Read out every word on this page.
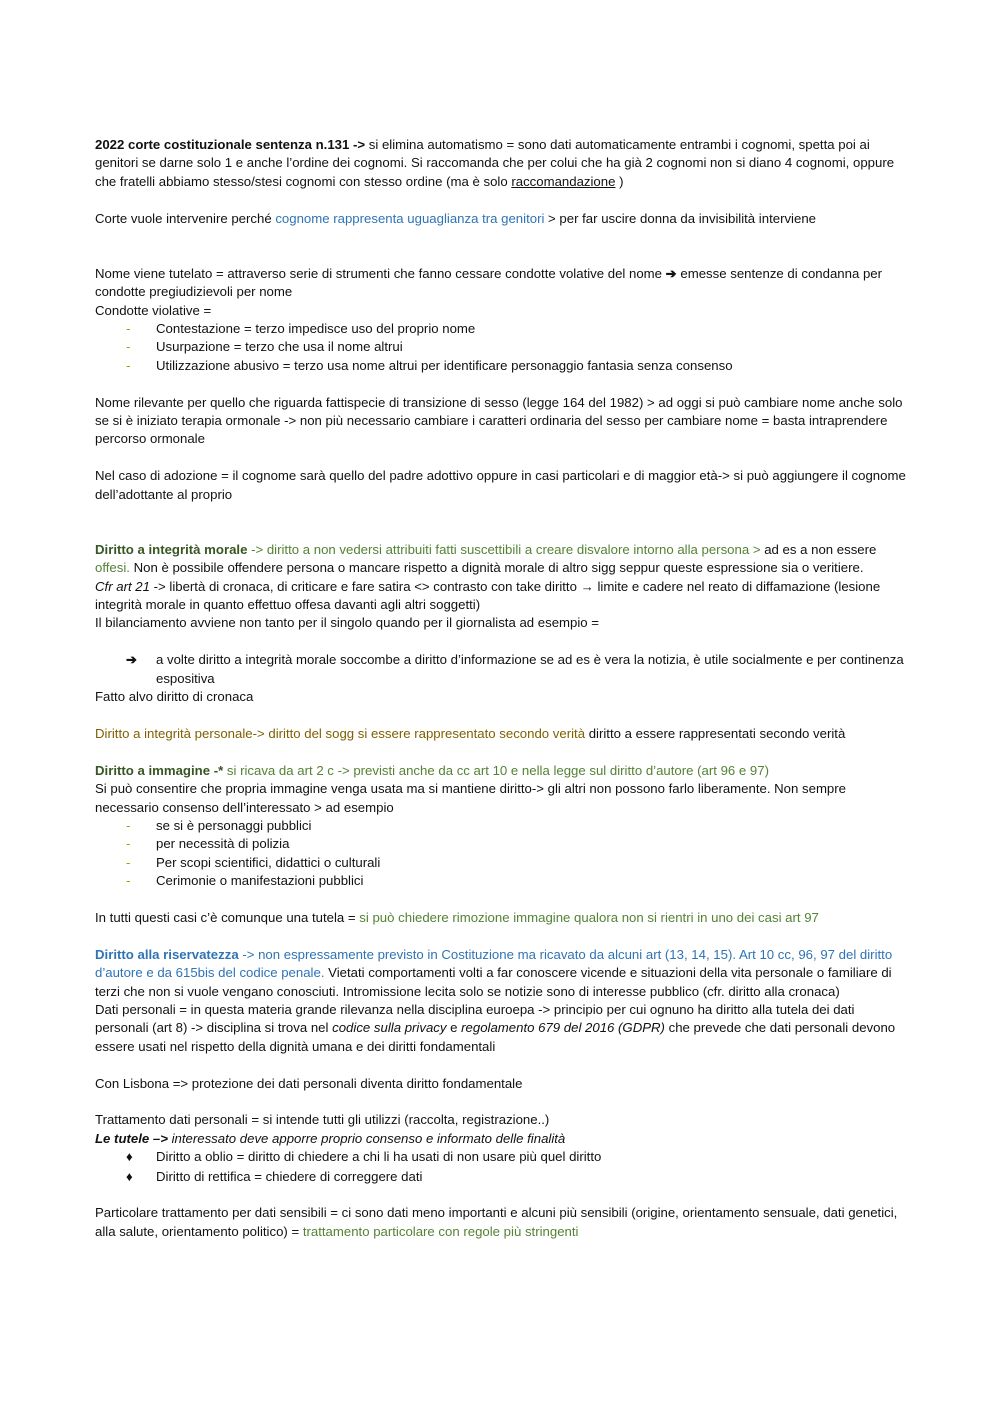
2022 corte costituzionale sentenza n.131 -> si elimina automatismo = sono dati automaticamente entrambi i cognomi, spetta poi ai genitori se darne solo 1 e anche l’ordine dei cognomi. Si raccomanda che per colui che ha già 2 cognomi non si diano 4 cognomi, oppure che fratelli abbiamo stesso/stesi cognomi con stesso ordine (ma è solo raccomandazione )

Corte vuole intervenire perché cognome rappresenta uguaglianza tra genitori > per far uscire donna da invisibilità interviene

Nome viene tutelato = attraverso serie di strumenti che fanno cessare condotte volative del nome ➔ emesse sentenze di condanna per condotte pregiudizievoli per nome

Condotte violative =

- Contestazione = terzo impedisce uso del proprio nome
- Usurpazione = terzo che usa il nome altrui
- Utilizzazione abusivo = terzo usa nome altrui per identificare personaggio fantasia senza consenso

Nome rilevante per quello che riguarda fattispecie di transizione di sesso (legge 164 del 1982) > ad oggi si può cambiare nome anche solo se si è iniziato terapia ormonale -> non più necessario cambiare i caratteri ordinaria del sesso per cambiare nome = basta intraprendere percorso ormonale

Nel caso di adozione = il cognome sarà quello del padre adottivo oppure in casi particolari e di maggior età-> si può aggiungere il cognome dell’adottante al proprio

Diritto a integrità morale -> diritto a non vedersi attribuiti fatti suscettibili a creare disvalore intorno alla persona > ad es a non essere offesi. Non è possibile offendere persona o mancare rispetto a dignità morale di altro sigg seppur queste espressione sia o veritiere.

Cfr art 21 -> libertà di cronaca, di criticare e fare satira <> contrasto con take diritto → limite e cadere nel reato di diffamazione (lesione integrità morale in quanto effettuo offesa davanti agli altri soggetti)

Il bilanciamento avviene non tanto per il singolo quando per il giornalista ad esempio =

➔ a volte diritto a integrità morale soccombe a diritto d’informazione se ad es è vera la notizia, è utile socialmente e per continenza espositiva

Fatto alvo diritto di cronaca

Diritto a integrità personale-> diritto del sogg si essere rappresentato secondo verità diritto a essere rappresentati secondo verità

Diritto a immagine -* si ricava da art 2 c -> previsti anche da cc art 10 e nella legge sul diritto d’autore (art 96 e 97)

Si può consentire che propria immagine venga usata ma si mantiene diritto-> gli altri non possono farlo liberamente. Non sempre necessario consenso dell’interessato > ad esempio

- se si è personaggi pubblici
- per necessità di polizia
- Per scopi scientifici, didattici o culturali
- Cerimonie o manifestazioni pubblici

In tutti questi casi c’è comunque una tutela = si può chiedere rimozione immagine qualora non si rientri in uno dei casi art 97

Diritto alla riservatezza -> non espressamente previsto in Costituzione ma ricavato da alcuni art (13, 14, 15). Art 10 cc, 96, 97 del diritto d’autore e da 615bis del codice penale. Vietati comportamenti volti a far conoscere vicende e situazioni della vita personale o familiare di terzi che non si vuole vengano conosciuti. Intromissione lecita solo se notizie sono di interesse pubblico (cfr. diritto alla cronaca)

Dati personali = in questa materia grande rilevanza nella disciplina euroepa -> principio per cui ognuno ha diritto alla tutela dei dati personali (art 8) -> disciplina si trova nel codice sulla privacy e regolamento 679 del 2016 (GDPR) che prevede che dati personali devono essere usati nel rispetto della dignità umana e dei diritti fondamentali

Con Lisbona => protezione dei dati personali diventa diritto fondamentale

Trattamento dati personali = si intende tutti gli utilizzi (raccolta, registrazione..)

Le tutele –> interessato deve apporre proprio consenso e informato delle finalità

♦ Diritto a oblio = diritto di chiedere a chi li ha usati di non usare più quel diritto
♦ Diritto di rettifica = chiedere di correggere dati

Particolare trattamento per dati sensibili = ci sono dati meno importanti e alcuni più sensibili (origine, orientamento sensuale, dati genetici, alla salute, orientamento politico) = trattamento particolare con regole più stringenti
